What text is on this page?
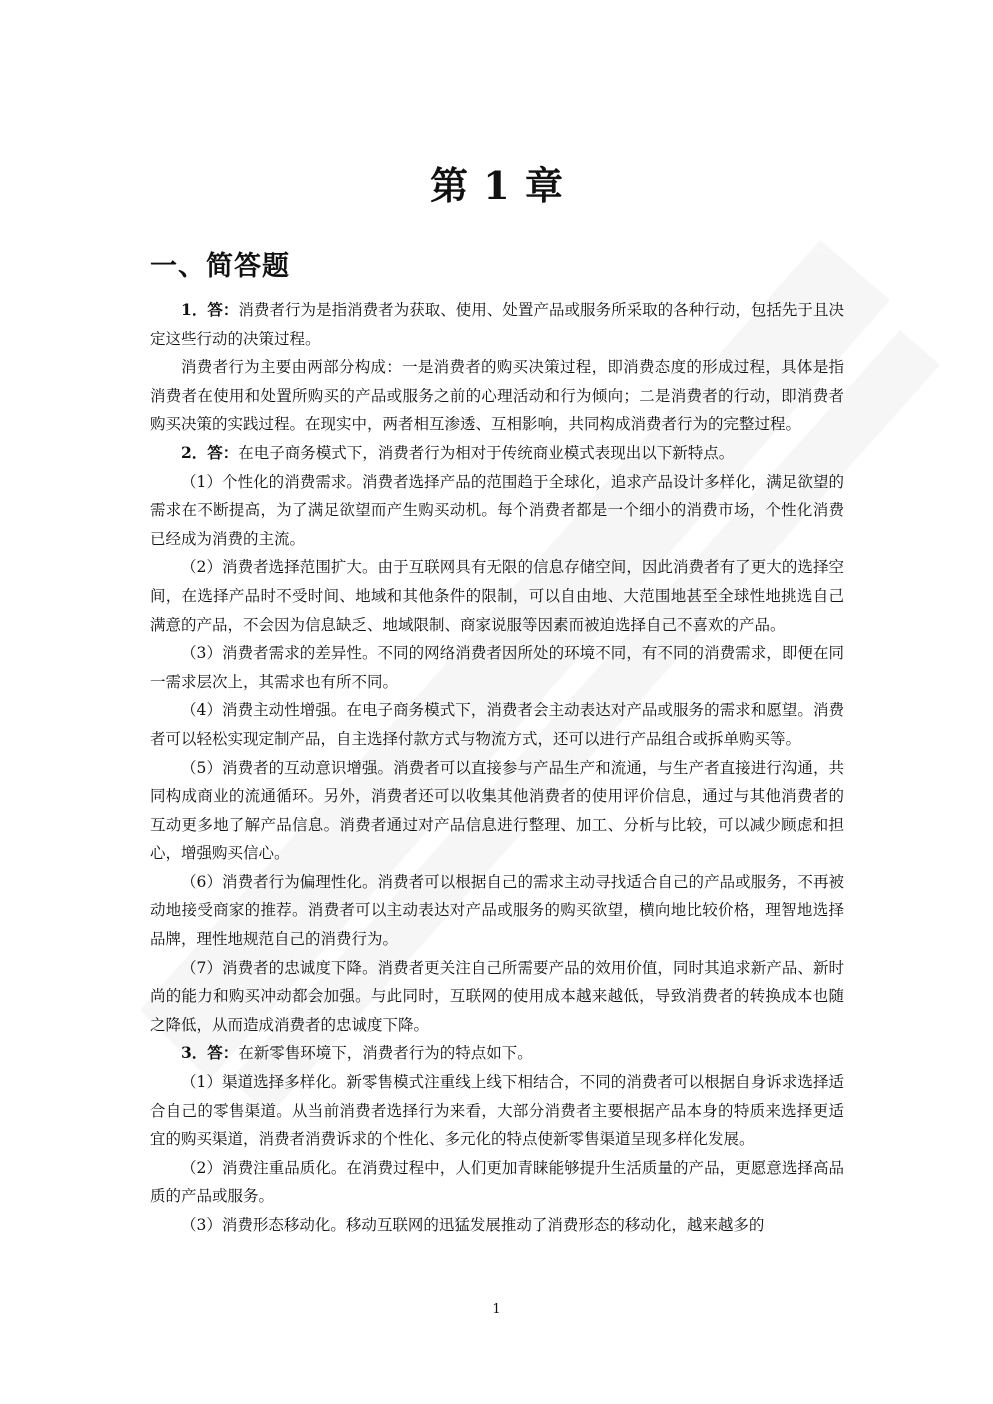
第 1 章
一、简答题

1．答：消费者行为是指消费者为获取、使用、处置产品或服务所采取的各种行动，包括先于且决定这些行动的决策过程。

消费者行为主要由两部分构成：一是消费者的购买决策过程，即消费态度的形成过程，具体是指消费者在使用和处置所购买的产品或服务之前的心理活动和行为倾向；二是消费者的行动，即消费者购买决策的实践过程。在现实中，两者相互渗透、互相影响，共同构成消费者行为的完整过程。

2．答：在电子商务模式下，消费者行为相对于传统商业模式表现出以下新特点。

（1）个性化的消费需求。消费者选择产品的范围趋于全球化，追求产品设计多样化，满足欲望的需求在不断提高，为了满足欲望而产生购买动机。每个消费者都是一个细小的消费市场，个性化消费已经成为消费的主流。

（2）消费者选择范围扩大。由于互联网具有无限的信息存储空间，因此消费者有了更大的选择空间，在选择产品时不受时间、地域和其他条件的限制，可以自由地、大范围地甚至全球性地挑选自己满意的产品，不会因为信息缺乏、地域限制、商家说服等因素而被迫选择自己不喜欢的产品。

（3）消费者需求的差异性。不同的网络消费者因所处的环境不同，有不同的消费需求，即便在同一需求层次上，其需求也有所不同。

（4）消费主动性增强。在电子商务模式下，消费者会主动表达对产品或服务的需求和愿望。消费者可以轻松实现定制产品，自主选择付款方式与物流方式，还可以进行产品组合或拆单购买等。

（5）消费者的互动意识增强。消费者可以直接参与产品生产和流通，与生产者直接进行沟通，共同构成商业的流通循环。另外，消费者还可以收集其他消费者的使用评价信息，通过与其他消费者的互动更多地了解产品信息。消费者通过对产品信息进行整理、加工、分析与比较，可以减少顾虑和担心，增强购买信心。

（6）消费者行为偏理性化。消费者可以根据自己的需求主动寻找适合自己的产品或服务，不再被动地接受商家的推荐。消费者可以主动表达对产品或服务的购买欲望，横向地比较价格，理智地选择品牌，理性地规范自己的消费行为。

（7）消费者的忠诚度下降。消费者更关注自己所需要产品的效用价值，同时其追求新产品、新时尚的能力和购买冲动都会加强。与此同时，互联网的使用成本越来越低，导致消费者的转换成本也随之降低，从而造成消费者的忠诚度下降。

3．答：在新零售环境下，消费者行为的特点如下。

（1）渠道选择多样化。新零售模式注重线上线下相结合，不同的消费者可以根据自身诉求选择适合自己的零售渠道。从当前消费者选择行为来看，大部分消费者主要根据产品本身的特质来选择更适宜的购买渠道，消费者消费诉求的个性化、多元化的特点使新零售渠道呈现多样化发展。

（2）消费注重品质化。在消费过程中，人们更加青睐能够提升生活质量的产品，更愿意选择高品质的产品或服务。

（3）消费形态移动化。移动互联网的迅猛发展推动了消费形态的移动化，越来越多的

1
